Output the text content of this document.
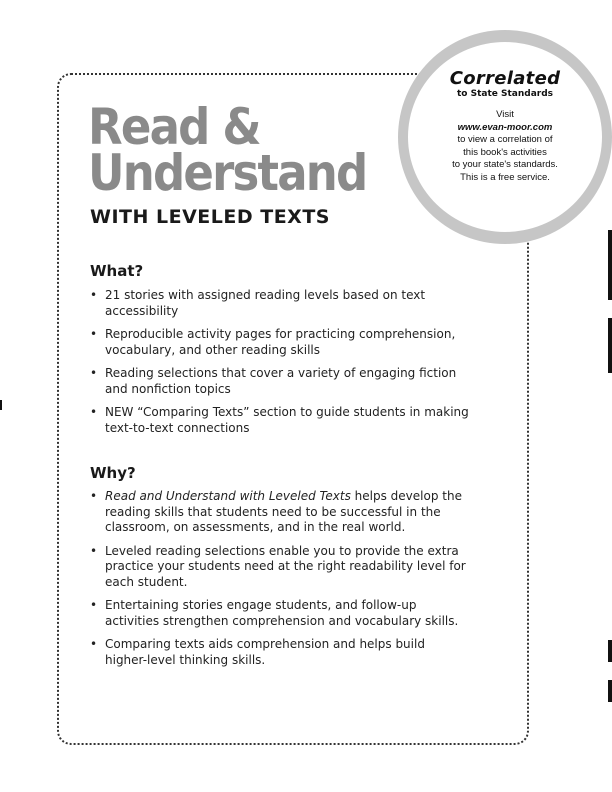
Read &
Understand
WITH LEVELED TEXTS
What?
• 21 stories with assigned reading levels based on text accessibility
• Reproducible activity pages for practicing comprehension, vocabulary, and other reading skills
• Reading selections that cover a variety of engaging fiction and nonfiction topics
• NEW “Comparing Texts” section to guide students in making text-to-text connections
Why?
• Read and Understand with Leveled Texts helps develop the reading skills that students need to be successful in the classroom, on assessments, and in the real world.
• Leveled reading selections enable you to provide the extra practice your students need at the right readability level for each student.
• Entertaining stories engage students, and follow-up activities strengthen comprehension and vocabulary skills.
• Comparing texts aids comprehension and helps build higher-level thinking skills.

Correlated

to State Standards

Visit
www.evan-moor.com
to view a correlation of
this book's activities
to your state's standards.
This is a free service.
